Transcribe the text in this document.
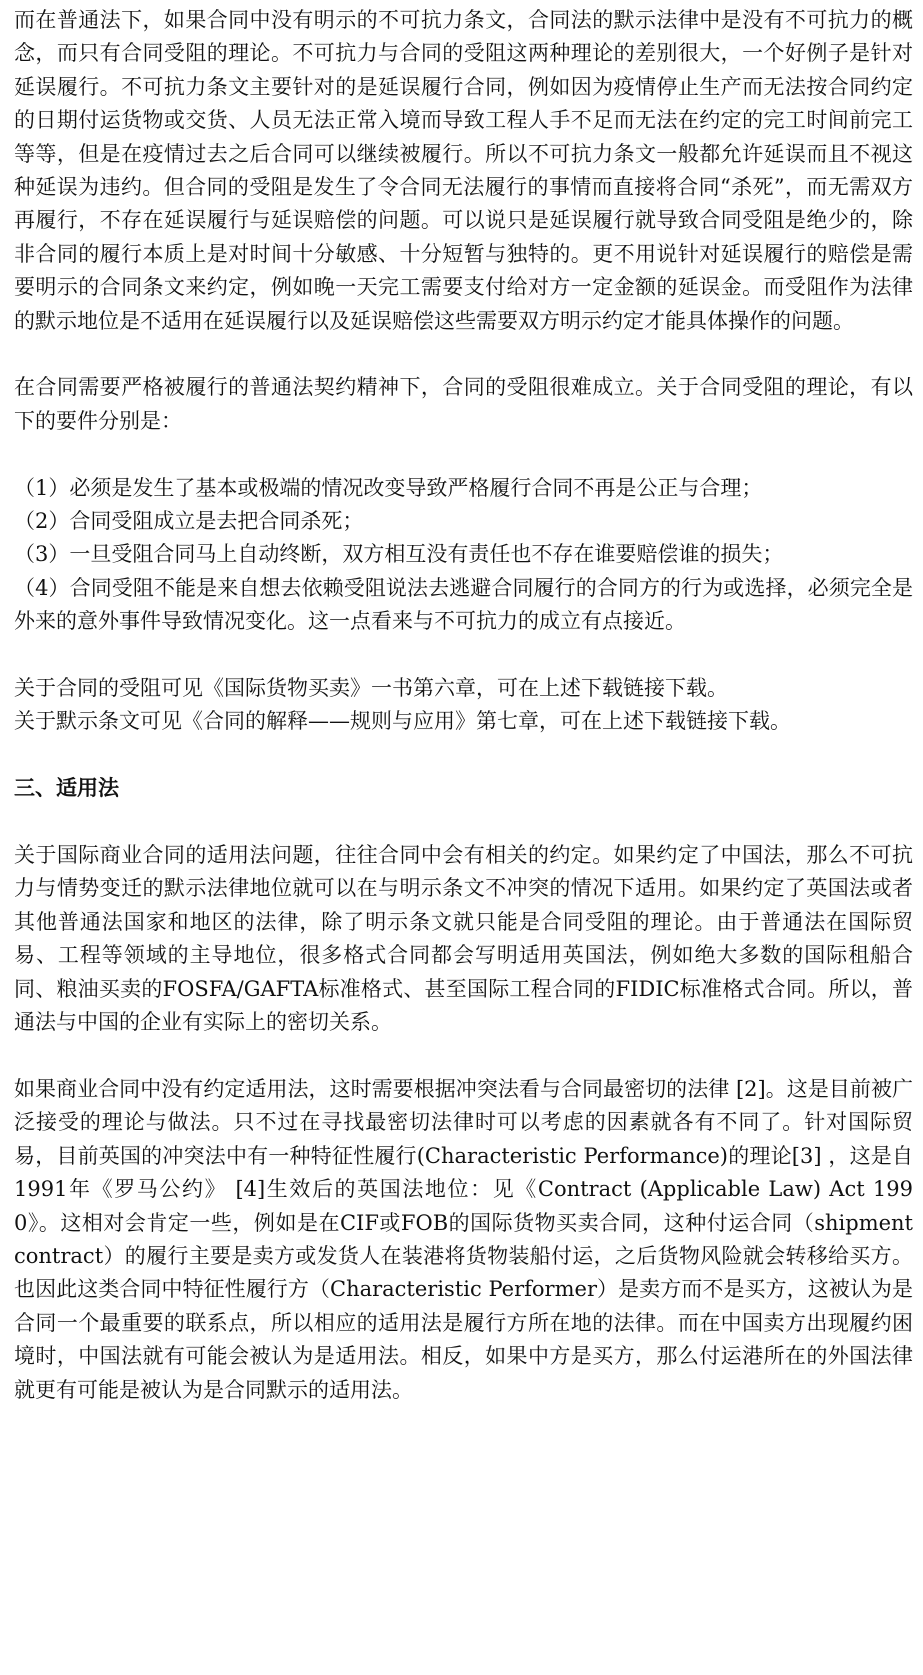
而在普通法下，如果合同中没有明示的不可抗力条文，合同法的默示法律中是没有不可抗力的概念，而只有合同受阻的理论。不可抗力与合同的受阻这两种理论的差别很大，一个好例子是针对延误履行。不可抗力条文主要针对的是延误履行合同，例如因为疫情停止生产而无法按合同约定的日期付运货物或交货、人员无法正常入境而导致工程人手不足而无法在约定的完工时间前完工等等，但是在疫情过去之后合同可以继续被履行。所以不可抗力条文一般都允许延误而且不视这种延误为违约。但合同的受阻是发生了令合同无法履行的事情而直接将合同“杀死”，而无需双方再履行，不存在延误履行与延误赔偿的问题。可以说只是延误履行就导致合同受阻是绝少的，除非合同的履行本质上是对时间十分敏感、十分短暂与独特的。更不用说针对延误履行的赔偿是需要明示的合同条文来约定，例如晚一天完工需要支付给对方一定金额的延误金。而受阻作为法律的默示地位是不适用在延误履行以及延误赔偿这些需要双方明示约定才能具体操作的问题。

在合同需要严格被履行的普通法契约精神下，合同的受阻很难成立。关于合同受阻的理论，有以下的要件分别是：

（1）必须是发生了基本或极端的情况改变导致严格履行合同不再是公正与合理；

（2）合同受阻成立是去把合同杀死；

（3）一旦受阻合同马上自动终断，双方相互没有责任也不存在谁要赔偿谁的损失；

（4）合同受阻不能是来自想去依赖受阻说法去逃避合同履行的合同方的行为或选择，必须完全是外来的意外事件导致情况变化。这一点看来与不可抗力的成立有点接近。

关于合同的受阻可见《国际货物买卖》一书第六章，可在上述下载链接下载。
关于默示条文可见《合同的解释——规则与应用》第七章，可在上述下载链接下载。
三、适用法

关于国际商业合同的适用法问题，往往合同中会有相关的约定。如果约定了中国法，那么不可抗力与情势变迁的默示法律地位就可以在与明示条文不冲突的情况下适用。如果约定了英国法或者其他普通法国家和地区的法律，除了明示条文就只能是合同受阻的理论。由于普通法在国际贸易、工程等领域的主导地位，很多格式合同都会写明适用英国法，例如绝大多数的国际租船合同、粮油买卖的FOSFA/GAFTA标准格式、甚至国际工程合同的FIDIC标准格式合同。所以，普通法与中国的企业有实际上的密切关系。

如果商业合同中没有约定适用法，这时需要根据冲突法看与合同最密切的法律 [2]。这是目前被广泛接受的理论与做法。只不过在寻找最密切法律时可以考虑的因素就各有不同了。针对国际贸易，目前英国的冲突法中有一种特征性履行(Characteristic Performance)的理论[3] ，这是自1991年《罗马公约》 [4]生效后的英国法地位：见《Contract (Applicable Law) Act 1990》。这相对会肯定一些，例如是在CIF或FOB的国际货物买卖合同，这种付运合同（shipment contract）的履行主要是卖方或发货人在装港将货物装船付运，之后货物风险就会转移给买方。也因此这类合同中特征性履行方（Characteristic Performer）是卖方而不是买方，这被认为是合同一个最重要的联系点，所以相应的适用法是履行方所在地的法律。而在中国卖方出现履约困境时，中国法就有可能会被认为是适用法。相反，如果中方是买方，那么付运港所在的外国法律就更有可能是被认为是合同默示的适用法。
